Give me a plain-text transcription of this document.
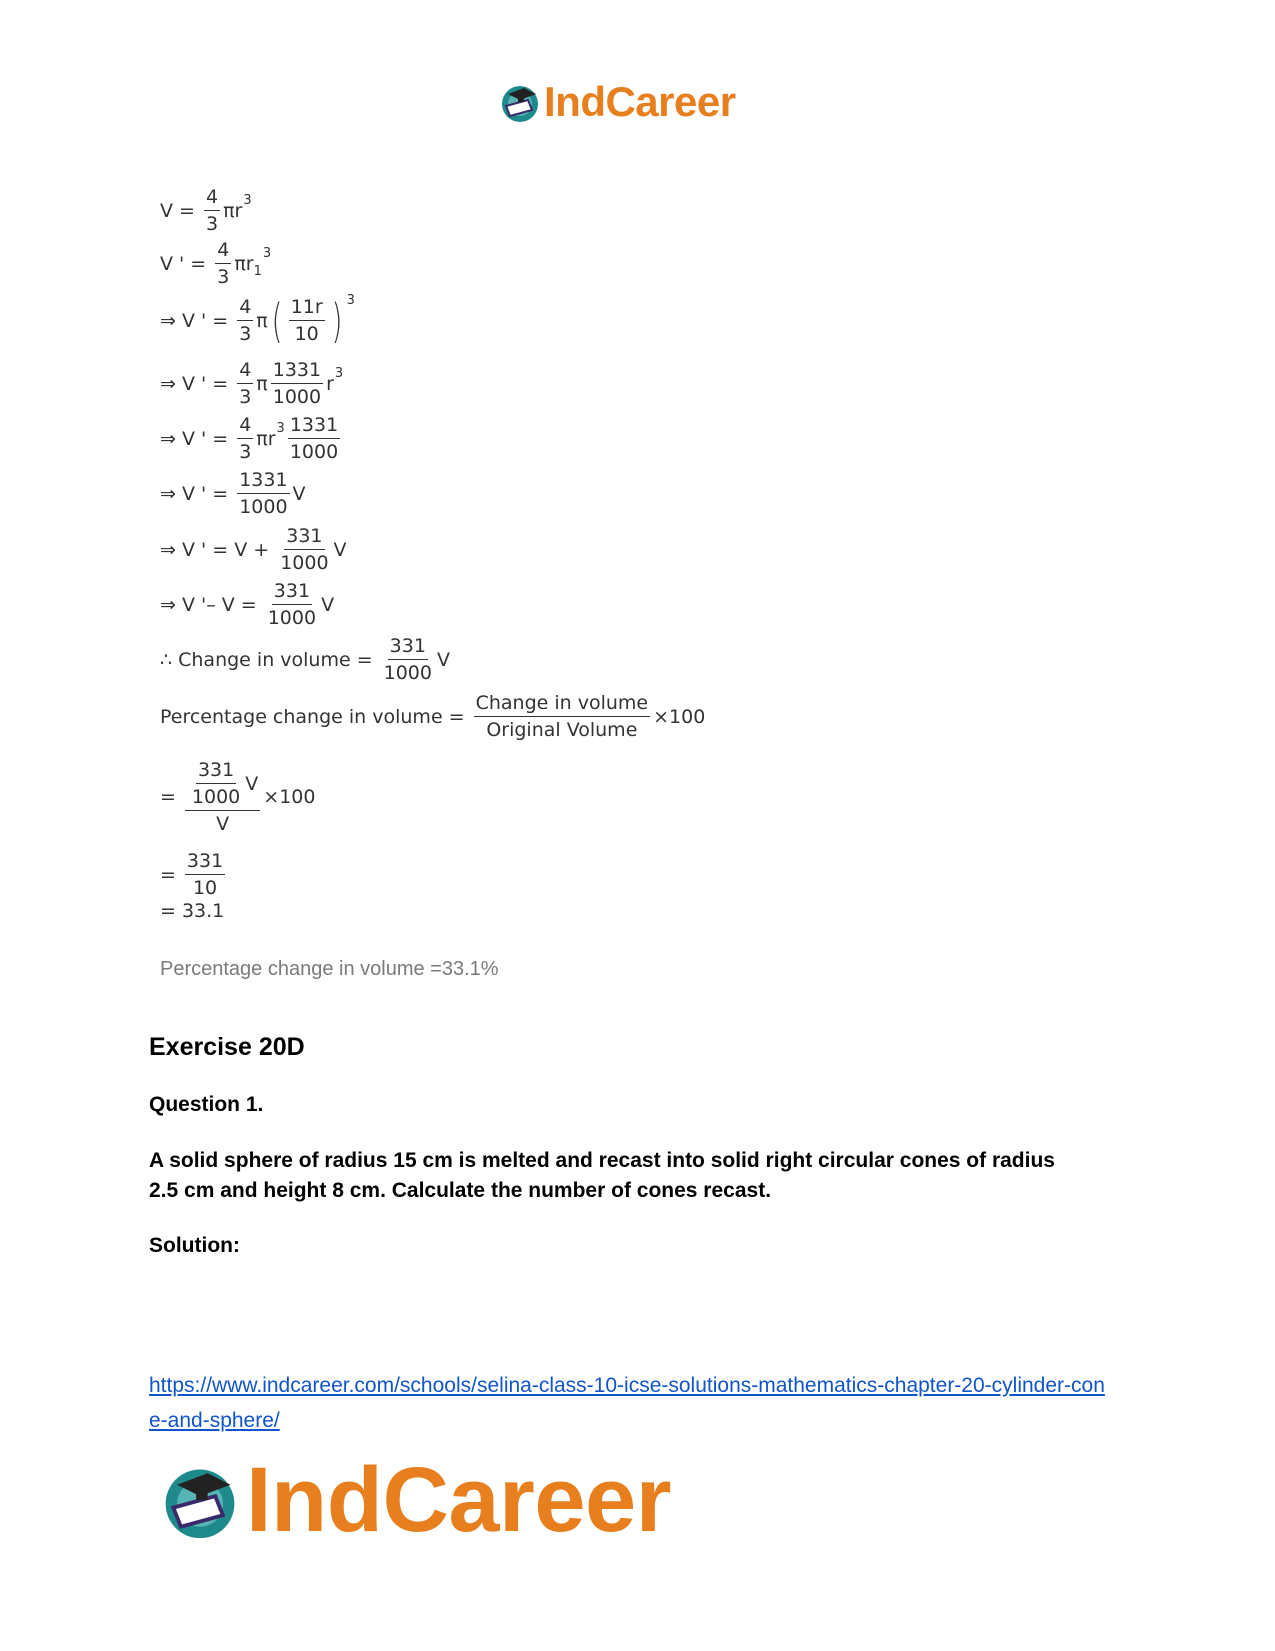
IndCareer
$V = \frac{4}{3}$ πr 3
V ' = $\frac{4}{3}$ πr 1
3
⇒ V ' = $\frac{4}{3}$ π ( $\frac{11r}{10}$ ) 3
⇒ V ' = $\frac{4}{3}$ π $\frac{1331}{1000}$ r 3
⇒ V ' = $\frac{4}{3}$ πr $3 \frac{1331}{1000}$
⇒ V ' = $\frac{1331}{1000}$ V
⇒ V ' = $V + \frac{331}{1000}$ V
⇒ V '– $V = \frac{331}{1000}$ V
∴ Change in volume = $\frac{331}{1000}$ V
Percentage change in volume = $\frac{\text{Change in volume}}{\text{Original Volume}} \times 100$
= $\frac{\frac{331}{1000} V}{V} \times 100$
= $\frac{331}{10}$
= 33.1
Percentage change in volume =33.1%
Exercise 20D
Question 1.
A solid sphere of radius 15 cm is melted and recast into solid right circular cones of radius 2.5 cm and height 8 cm. Calculate the number of cones recast.
Solution:
https://www.indcareer.com/schools/selina-class-10-icse-solutions-mathematics-chapter-20-cylinder-cone-and-sphere/
IndCareer
